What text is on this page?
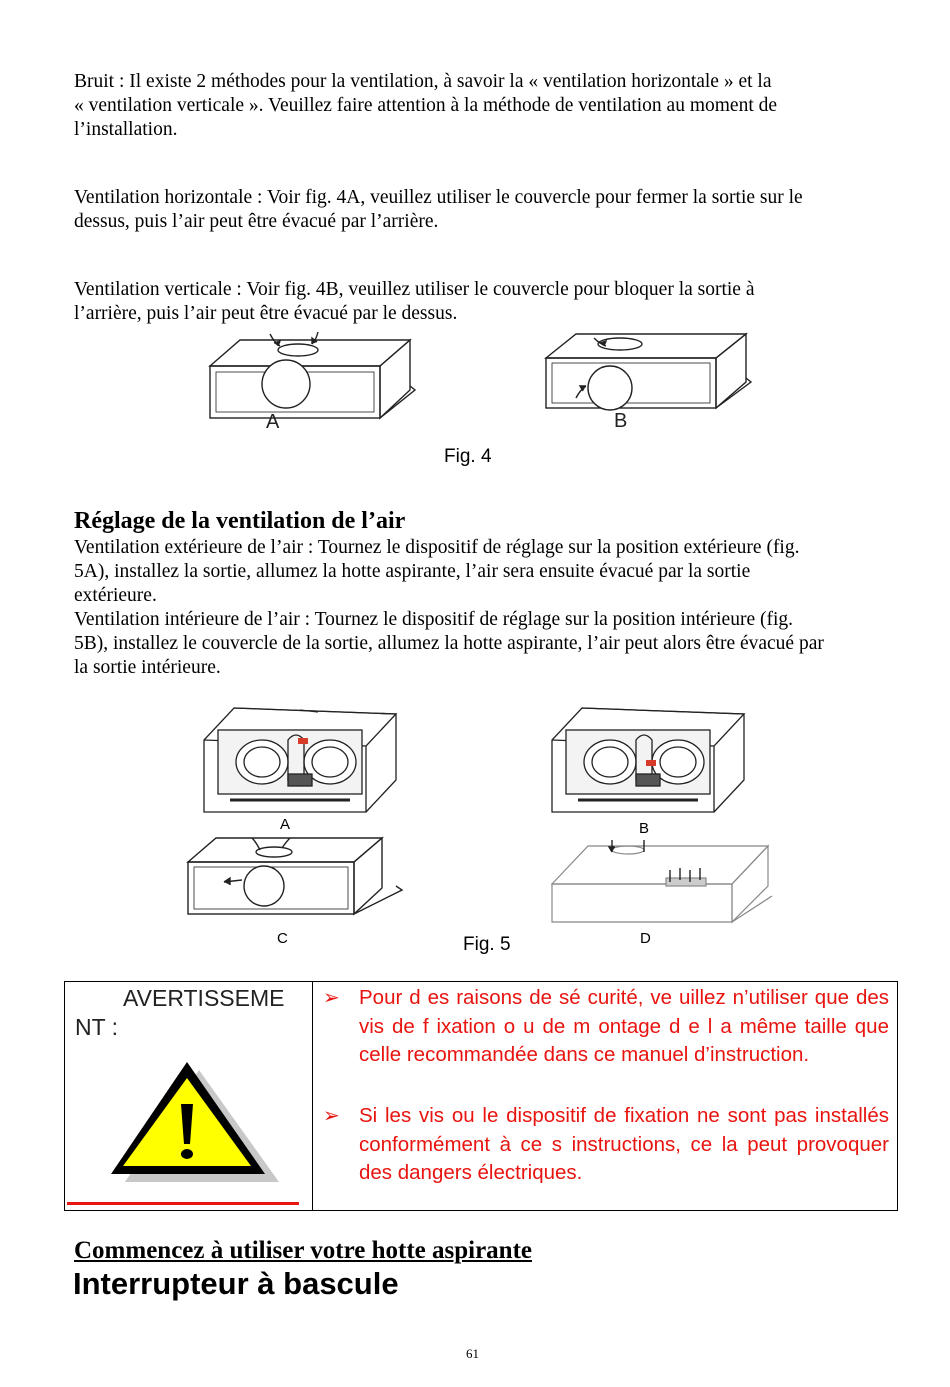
Bruit : Il existe 2 méthodes pour la ventilation, à savoir la « ventilation horizontale » et la
« ventilation verticale ». Veuillez faire attention à la méthode de ventilation au moment de
l’installation.
Ventilation horizontale : Voir fig. 4A, veuillez utiliser le couvercle pour fermer la sortie sur le
dessus, puis l’air peut être évacué par l’arrière.
Ventilation verticale : Voir fig. 4B, veuillez utiliser le couvercle pour bloquer la sortie à
l’arrière, puis l’air peut être évacué par le dessus.
A	B
Fig. 4
Réglage de la ventilation de l’air
Ventilation extérieure de l’air : Tournez le dispositif de réglage sur la position extérieure (fig.
5A), installez la sortie, allumez la hotte aspirante, l’air sera ensuite évacué par la sortie
extérieure.
Ventilation intérieure de l’air : Tournez le dispositif de réglage sur la position intérieure (fig.
5B), installez le couvercle de la sortie, allumez la hotte aspirante, l’air peut alors être évacué par
la sortie intérieure.
A	B
C	Fig. 5	D
AVERTISSEME
NT :
➢ Pour d es raisons de sé curité, ve uillez n’utiliser que des vis de f ixation o u de m ontage d e l a même taille que celle recommandée dans ce manuel d’instruction.
➢ Si les vis ou le dispositif de fixation ne sont pas installés conformément à ce s instructions, ce la peut provoquer des dangers électriques.
Commencez à utiliser votre hotte aspirante
Interrupteur à bascule
61
